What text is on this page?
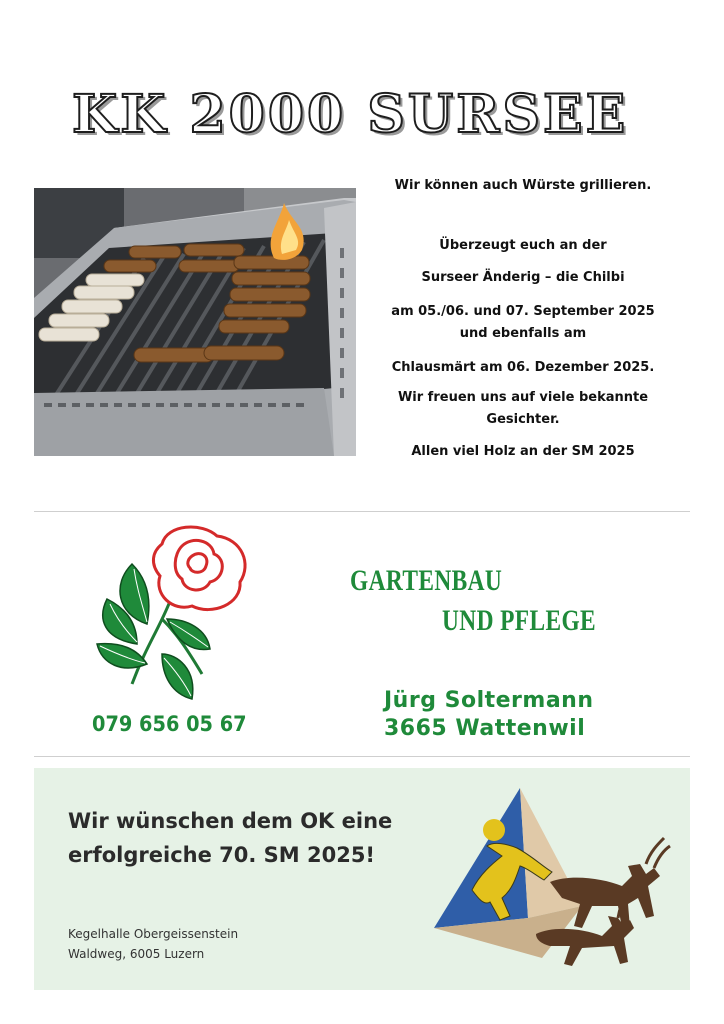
KK 2000 SURSEE
Wir können auch Würste grillieren.
Überzeugt euch an der
Surseer Änderig – die Chilbi
am 05./06. und 07. September 2025
und ebenfalls am
Chlausmärt am 06. Dezember 2025.
Wir freuen uns auf viele bekannte
Gesichter.
Allen viel Holz an der SM 2025
079 656 05 67
GARTENBAU
UND PFLEGE
Jürg Soltermann
3665 Wattenwil
Wir wünschen dem OK eine
erfolgreiche 70. SM 2025!
Kegelhalle Obergeissenstein
Waldweg, 6005 Luzern
